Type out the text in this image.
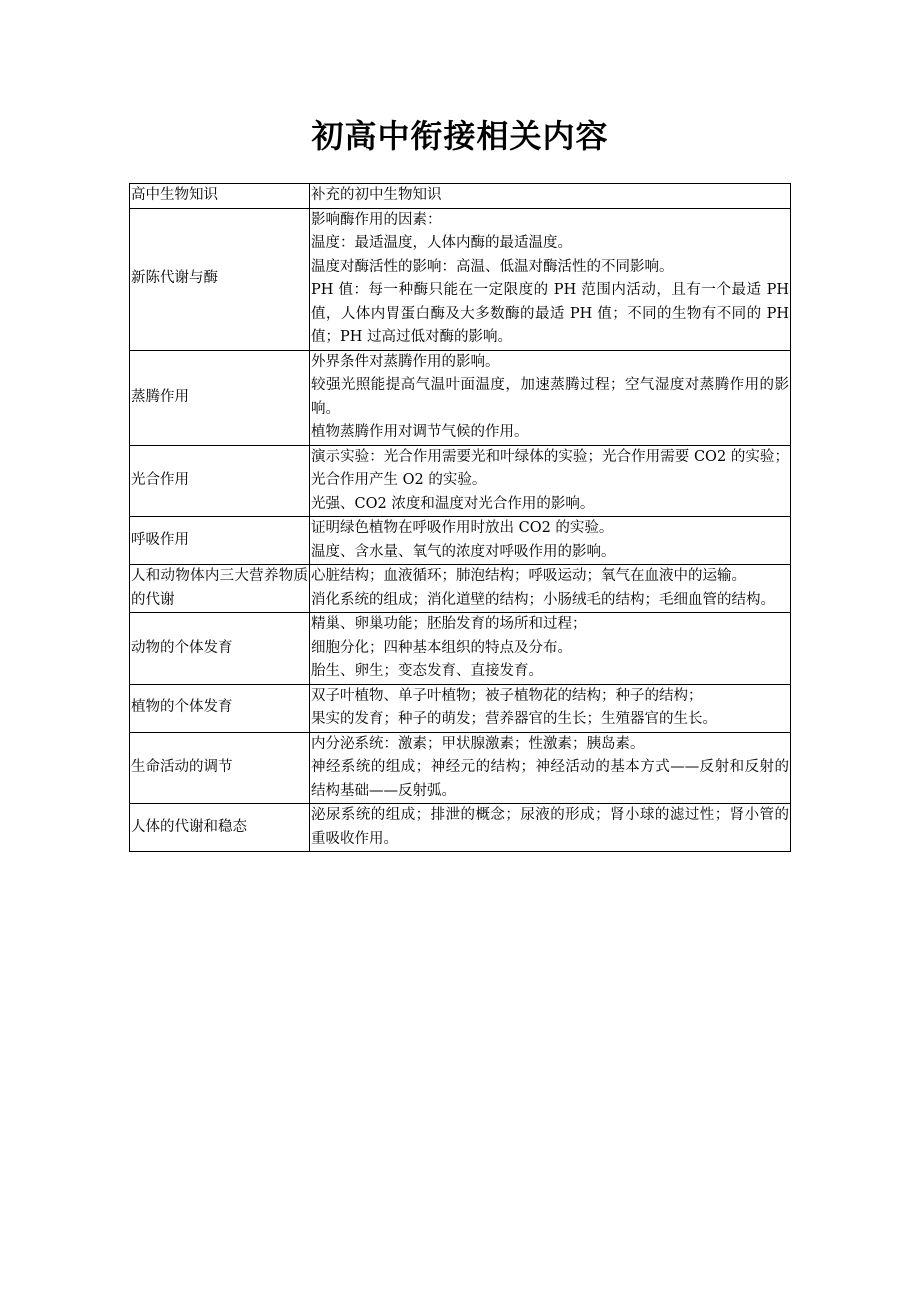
初高中衔接相关内容
高中生物知识	补充的初中生物知识
新陈代谢与酶	影响酶作用的因素：
温度：最适温度，人体内酶的最适温度。
温度对酶活性的影响：高温、低温对酶活性的不同影响。
PH 值：每一种酶只能在一定限度的 PH 范围内活动，且有一个最适 PH 值，人体内胃蛋白酶及大多数酶的最适 PH 值；不同的生物有不同的 PH 值；PH 过高过低对酶的影响。

蒸腾作用	外界条件对蒸腾作用的影响。
较强光照能提高气温叶面温度，加速蒸腾过程；空气湿度对蒸腾作用的影响。
植物蒸腾作用对调节气候的作用。

光合作用	演示实验：光合作用需要光和叶绿体的实验；光合作用需要 CO2 的实验；光合作用产生 O2 的实验。
光强、CO2 浓度和温度对光合作用的影响。

呼吸作用	证明绿色植物在呼吸作用时放出 CO2 的实验。
温度、含水量、氧气的浓度对呼吸作用的影响。

人和动物体内三大营养物质的代谢	心脏结构；血液循环；肺泡结构；呼吸运动；氧气在血液中的运输。
消化系统的组成；消化道壁的结构；小肠绒毛的结构；毛细血管的结构。

动物的个体发育	精巢、卵巢功能；胚胎发育的场所和过程；
细胞分化；四种基本组织的特点及分布。
胎生、卵生；变态发育、直接发育。

植物的个体发育	双子叶植物、单子叶植物；被子植物花的结构；种子的结构；
果实的发育；种子的萌发；营养器官的生长；生殖器官的生长。

生命活动的调节	内分泌系统：激素；甲状腺激素；性激素；胰岛素。
神经系统的组成；神经元的结构；神经活动的基本方式——反射和反射的结构基础——反射弧。

人体的代谢和稳态	泌尿系统的组成；排泄的概念；尿液的形成；肾小球的滤过性；肾小管的重吸收作用。
